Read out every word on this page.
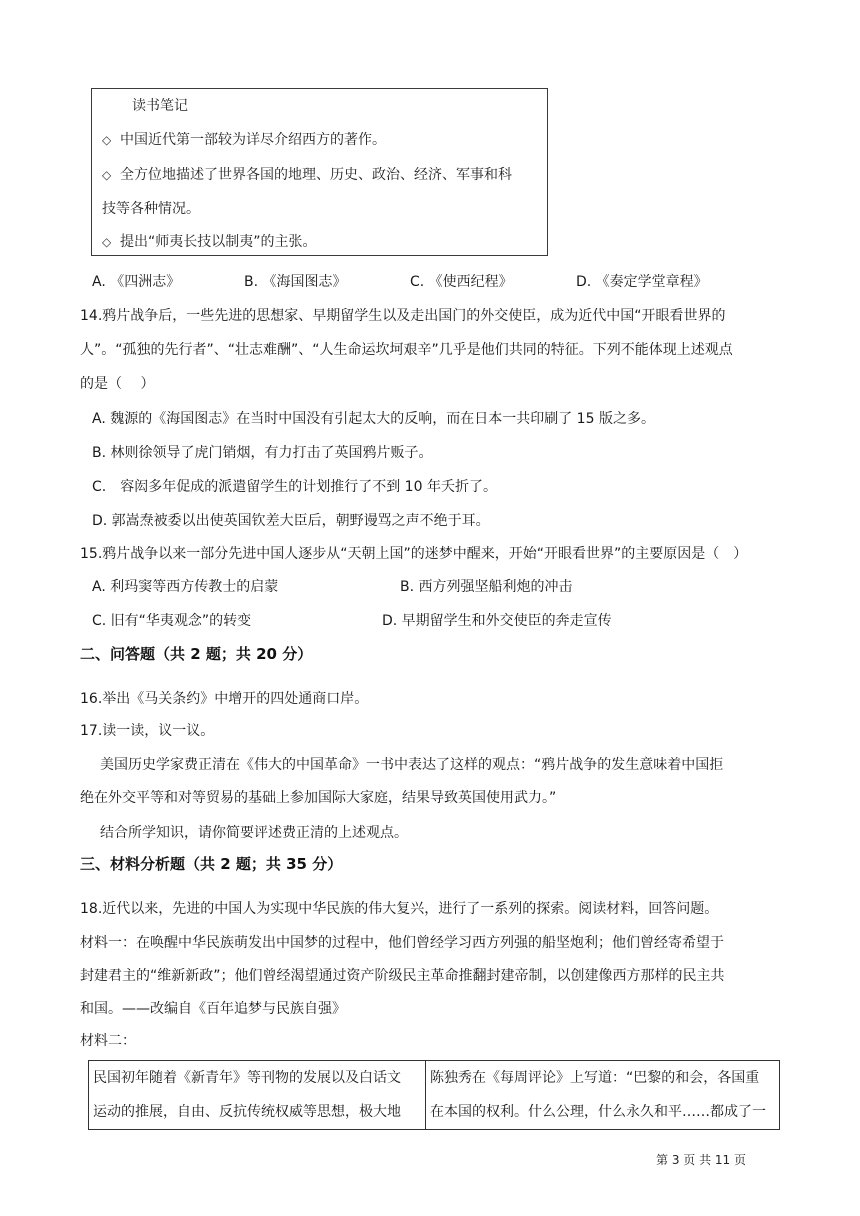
读书笔记
◇ 中国近代第一部较为详尽介绍西方的著作。
◇ 全方位地描述了世界各国的地理、历史、政治、经济、军事和科
技等各种情况。
◇ 提出“师夷长技以制夷”的主张。
A. 《四洲志》	B. 《海国图志》	C. 《使西纪程》	D. 《奏定学堂章程》
14.鸦片战争后，一些先进的思想家、早期留学生以及走出国门的外交使臣，成为近代中国“开眼看世界的
人”。“孤独的先行者”、“壮志难酬”、“人生命运坎坷艰辛”几乎是他们共同的特征。下列不能体现上述观点
的是（　 ）
A. 魏源的《海国图志》在当时中国没有引起太大的反响，而在日本一共印刷了 15 版之多。
B. 林则徐领导了虎门销烟，有力打击了英国鸦片贩子。
C.　容闳多年促成的派遣留学生的计划推行了不到 10 年夭折了。
D. 郭嵩焘被委以出使英国钦差大臣后，朝野谩骂之声不绝于耳。
15.鸦片战争以来一部分先进中国人逐步从“天朝上国”的迷梦中醒来，开始“开眼看世界”的主要原因是（　）
A. 利玛窦等西方传教士的启蒙	B. 西方列强坚船利炮的冲击
C. 旧有“华夷观念”的转变	D. 早期留学生和外交使臣的奔走宣传
二、问答题（共 2 题；共 20 分）
16.举出《马关条约》中增开的四处通商口岸。
17.读一读，议一议。
美国历史学家费正清在《伟大的中国革命》一书中表达了这样的观点：“鸦片战争的发生意味着中国拒
绝在外交平等和对等贸易的基础上参加国际大家庭，结果导致英国使用武力。”
结合所学知识，请你简要评述费正清的上述观点。
三、材料分析题（共 2 题；共 35 分）
18.近代以来，先进的中国人为实现中华民族的伟大复兴，进行了一系列的探索。阅读材料，回答问题。
材料一：在唤醒中华民族萌发出中国梦的过程中，他们曾经学习西方列强的船坚炮利；他们曾经寄希望于
封建君主的“维新新政”；他们曾经渴望通过资产阶级民主革命推翻封建帝制，以创建像西方那样的民主共
和国。——改编自《百年追梦与民族自强》
材料二：
民国初年随着《新青年》等刊物的发展以及白话文
运动的推展，自由、反抗传统权威等思想，极大地
陈独秀在《每周评论》上写道：“巴黎的和会，各国重
在本国的权利。什么公理，什么永久和平……都成了一
第 3 页 共 11 页
